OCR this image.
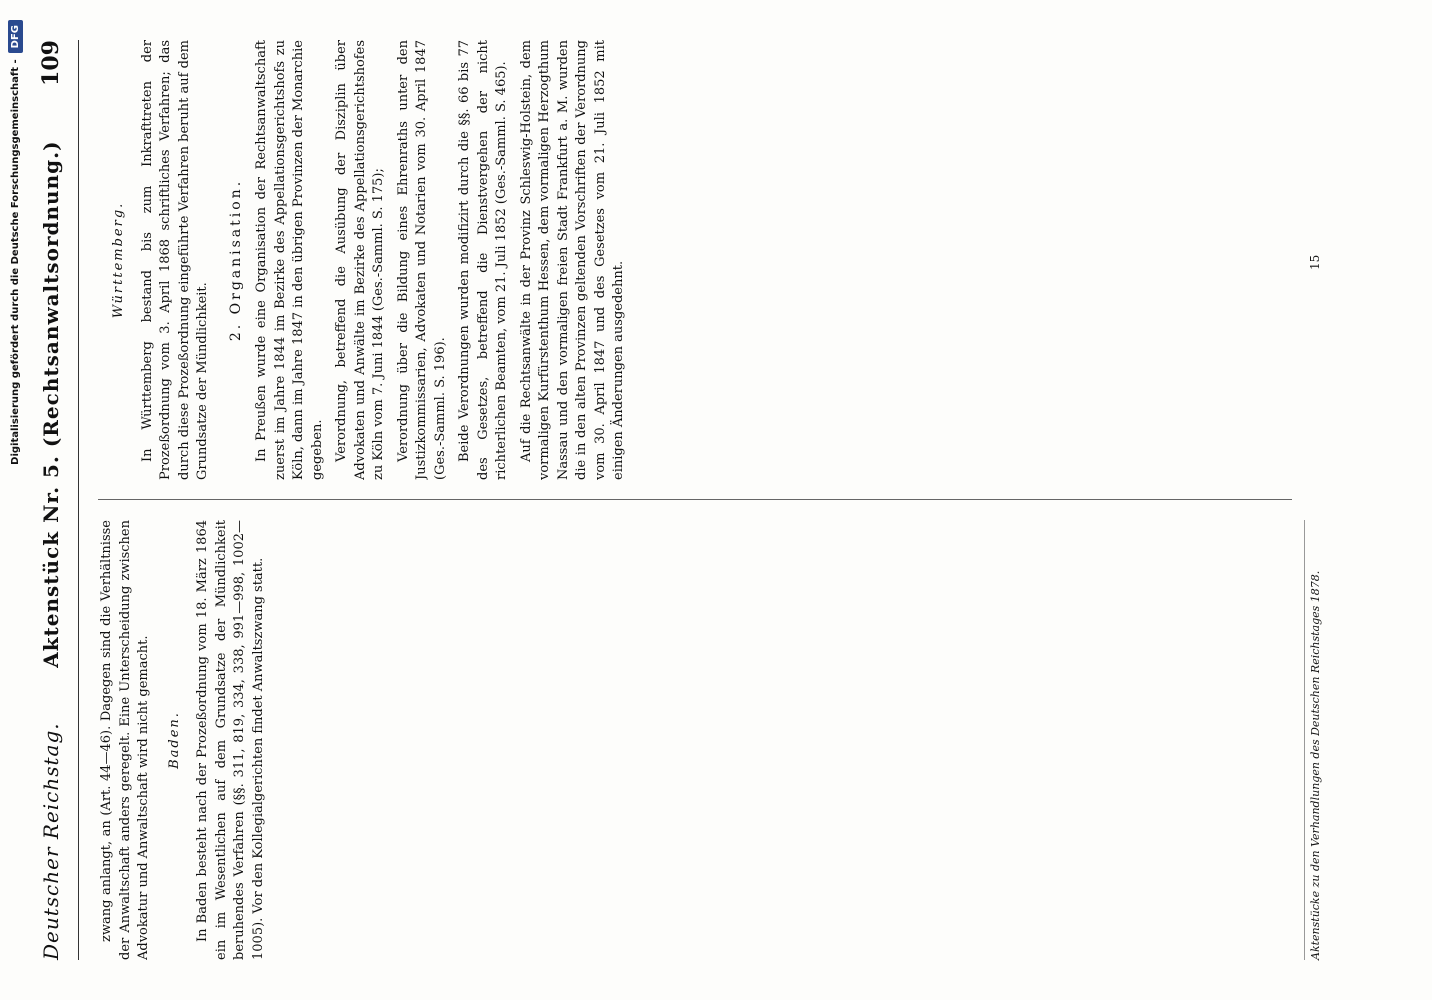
Digitalisierung gefördert durch die Deutsche Forschungsgemeinschaft -
DFG
Deutscher Reichstag.
Aktenstück Nr. 5. (Rechtsanwaltsordnung.)
109

zwang anlangt, an (Art. 44—46). Dagegen sind die Verhältnisse der Anwaltschaft anders geregelt. Eine Unterscheidung zwischen Advokatur und Anwaltschaft wird nicht gemacht. Baden. In Baden besteht nach der Prozeßordnung vom 18. März 1864 ein im Wesentlichen auf dem Grundsatze der Mündlichkeit beruhendes Verfahren (§§. 311, 819, 334, 338, 991—998, 1002—1005). Vor den Kollegialgerichten findet Anwaltszwang statt.

Württemberg. In Württemberg bestand bis zum Inkrafttreten der Prozeßordnung vom 3. April 1868 schriftliches Verfahren; das durch diese Prozeßordnung eingeführte Verfahren beruht auf dem Grundsatze der Mündlichkeit.

2. Organisation. In Preußen wurde eine Organisation der Rechtsanwaltschaft zuerst im Jahre 1844 im Bezirke des Appellationsgerichtshofs zu Köln, dann im Jahre 1847 in den übrigen Provinzen der Monarchie gegeben. Verordnung, betreffend die Ausübung der Disziplin über Advokaten und Anwälte im Bezirke des Appellationsgerichtshofes zu Köln vom 7. Juni 1844 (Ges.-Samml. S. 175); Verordnung über die Bildung eines Ehrenraths unter den Justizkommissarien, Advokaten und Notarien vom 30. April 1847 (Ges.-Samml. S. 196). Beide Verordnungen wurden modifizirt durch die §§. 66 bis 77 des Gesetzes, betreffend die Dienstvergehen der nicht richterlichen Beamten, vom 21. Juli 1852 (Ges.-Samml. S. 465). Auf die Rechtsanwälte in der Provinz Schleswig-Holstein, dem vormaligen Kurfürstenthum Hessen, dem vormaligen Herzogthum Nassau und den vormaligen freien Stadt Frankfurt a. M. wurden die in den alten Provinzen geltenden Vorschriften der Verordnung vom 30. April 1847 und des Gesetzes vom 21. Juli 1852 mit einigen Änderungen ausgedehnt.

Aktenstücke zu den Verhandlungen des Deutschen Reichstages 1878.
15
